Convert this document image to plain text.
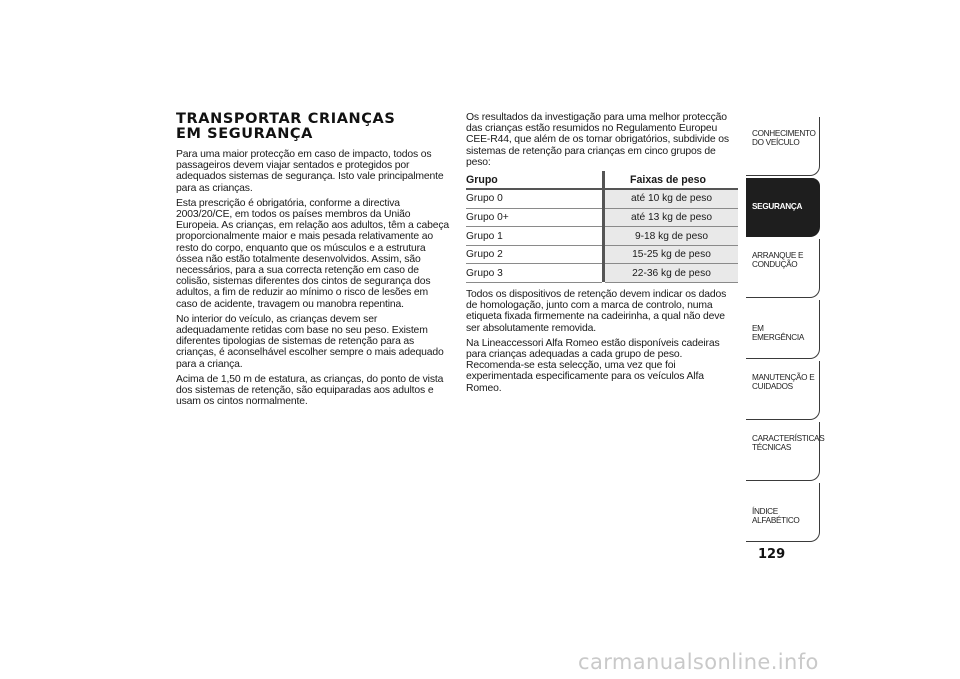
TRANSPORTAR CRIANÇAS
EM SEGURANÇA

Para uma maior protecção em caso de impacto, todos os passageiros devem viajar sentados e protegidos por adequados sistemas de segurança. Isto vale principalmente para as crianças.

Esta prescrição é obrigatória, conforme a directiva 2003/20/CE, em todos os países membros da União Europeia. As crianças, em relação aos adultos, têm a cabeça proporcionalmente maior e mais pesada relativamente ao resto do corpo, enquanto que os músculos e a estrutura óssea não estão totalmente desenvolvidos. Assim, são necessários, para a sua correcta retenção em caso de colisão, sistemas diferentes dos cintos de segurança dos adultos, a fim de reduzir ao mínimo o risco de lesões em caso de acidente, travagem ou manobra repentina.

No interior do veículo, as crianças devem ser adequadamente retidas com base no seu peso. Existem diferentes tipologias de sistemas de retenção para as crianças, é aconselhável escolher sempre o mais adequado para a criança.

Acima de 1,50 m de estatura, as crianças, do ponto de vista dos sistemas de retenção, são equiparadas aos adultos e usam os cintos normalmente.

Os resultados da investigação para uma melhor protecção das crianças estão resumidos no Regulamento Europeu CEE-R44, que além de os tornar obrigatórios, subdivide os sistemas de retenção para crianças em cinco grupos de peso:

Grupo		Faixas de peso
Grupo 0		até 10 kg de peso
Grupo 0+		até 13 kg de peso
Grupo 1		9-18 kg de peso
Grupo 2		15-25 kg de peso
Grupo 3		22-36 kg de peso

Todos os dispositivos de retenção devem indicar os dados de homologação, junto com a marca de controlo, numa etiqueta fixada firmemente na cadeirinha, a qual não deve ser absolutamente removida.

Na Lineaccessori Alfa Romeo estão disponíveis cadeiras para crianças adequadas a cada grupo de peso. Recomenda-se esta selecção, uma vez que foi experimentada especificamente para os veículos Alfa Romeo.

CONHECIMENTO DO VEÍCULO
SEGURANÇA
ARRANQUE E CONDUÇÃO
EM EMERGÊNCIA
MANUTENÇÃO E CUIDADOS
CARACTERÍSTICAS TÉCNICAS
ÍNDICE ALFABÉTICO
129
carmanualsonline.info
